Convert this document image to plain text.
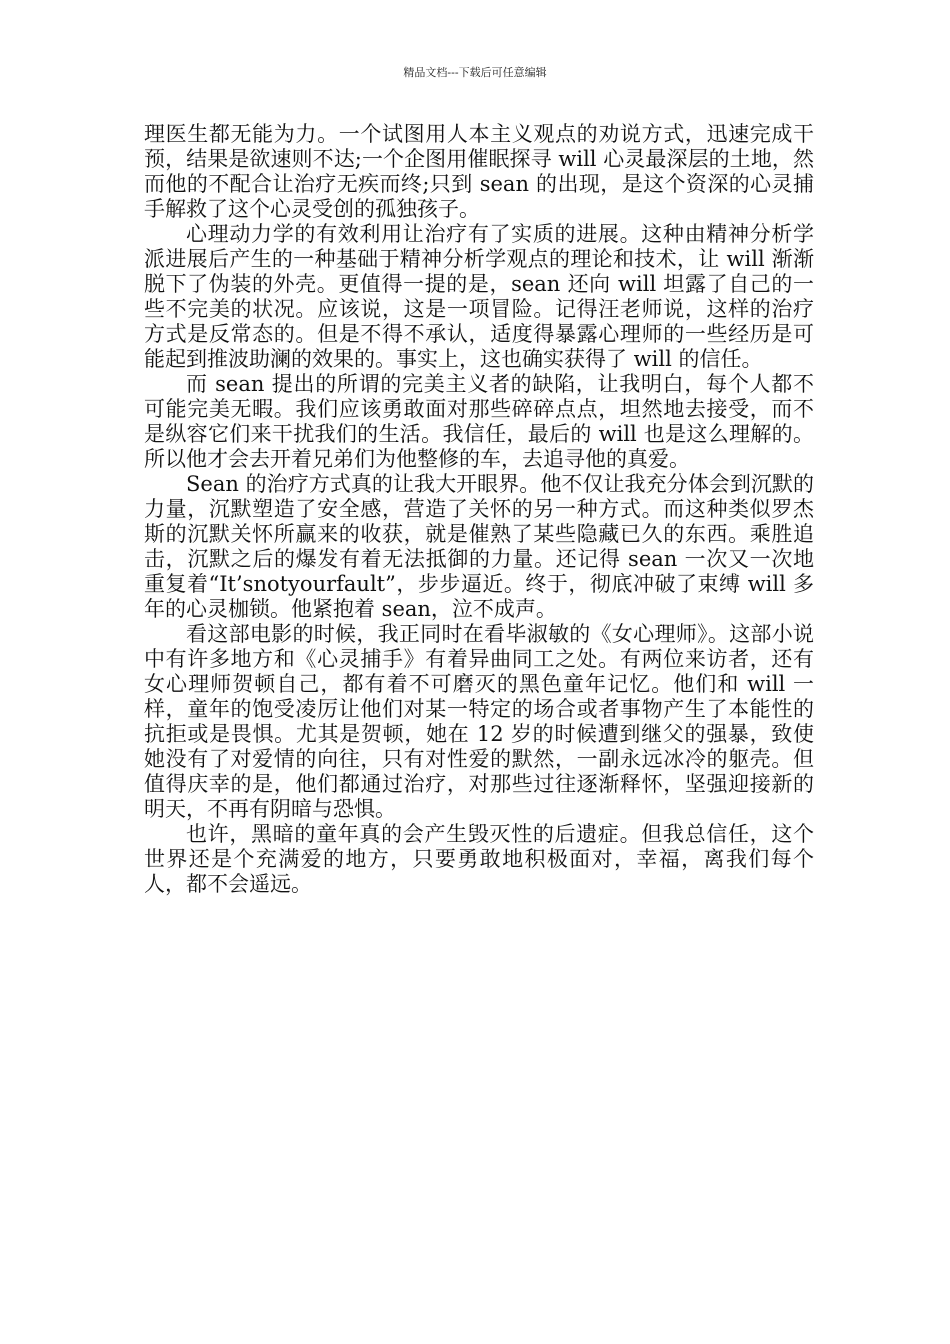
精品文档---下载后可任意编辑

理医生都无能为力。一个试图用人本主义观点的劝说方式，迅速完成干预，结果是欲速则不达;一个企图用催眠探寻 will 心灵最深层的土地，然而他的不配合让治疗无疾而终;只到 sean 的出现，是这个资深的心灵捕手解救了这个心灵受创的孤独孩子。

心理动力学的有效利用让治疗有了实质的进展。这种由精神分析学派进展后产生的一种基础于精神分析学观点的理论和技术，让 will 渐渐脱下了伪装的外壳。更值得一提的是，sean 还向 will 坦露了自己的一些不完美的状况。应该说，这是一项冒险。记得汪老师说，这样的治疗方式是反常态的。但是不得不承认，适度得暴露心理师的一些经历是可能起到推波助澜的效果的。事实上，这也确实获得了 will 的信任。

而 sean 提出的所谓的完美主义者的缺陷，让我明白，每个人都不可能完美无暇。我们应该勇敢面对那些碎碎点点，坦然地去接受，而不是纵容它们来干扰我们的生活。我信任，最后的 will 也是这么理解的。所以他才会去开着兄弟们为他整修的车，去追寻他的真爱。

Sean 的治疗方式真的让我大开眼界。他不仅让我充分体会到沉默的力量，沉默塑造了安全感，营造了关怀的另一种方式。而这种类似罗杰斯的沉默关怀所赢来的收获，就是催熟了某些隐藏已久的东西。乘胜追击，沉默之后的爆发有着无法抵御的力量。还记得 sean 一次又一次地重复着“It’snotyourfault”，步步逼近。终于，彻底冲破了束缚 will 多年的心灵枷锁。他紧抱着 sean，泣不成声。

看这部电影的时候，我正同时在看毕淑敏的《女心理师》。这部小说中有许多地方和《心灵捕手》有着异曲同工之处。有两位来访者，还有女心理师贺顿自己，都有着不可磨灭的黑色童年记忆。他们和 will 一样，童年的饱受凌厉让他们对某一特定的场合或者事物产生了本能性的抗拒或是畏惧。尤其是贺顿，她在 12 岁的时候遭到继父的强暴，致使她没有了对爱情的向往，只有对性爱的默然，一副永远冰冷的躯壳。但值得庆幸的是，他们都通过治疗，对那些过往逐渐释怀，坚强迎接新的明天，不再有阴暗与恐惧。

也许，黑暗的童年真的会产生毁灭性的后遗症。但我总信任，这个世界还是个充满爱的地方，只要勇敢地积极面对，幸福，离我们每个人，都不会遥远。
